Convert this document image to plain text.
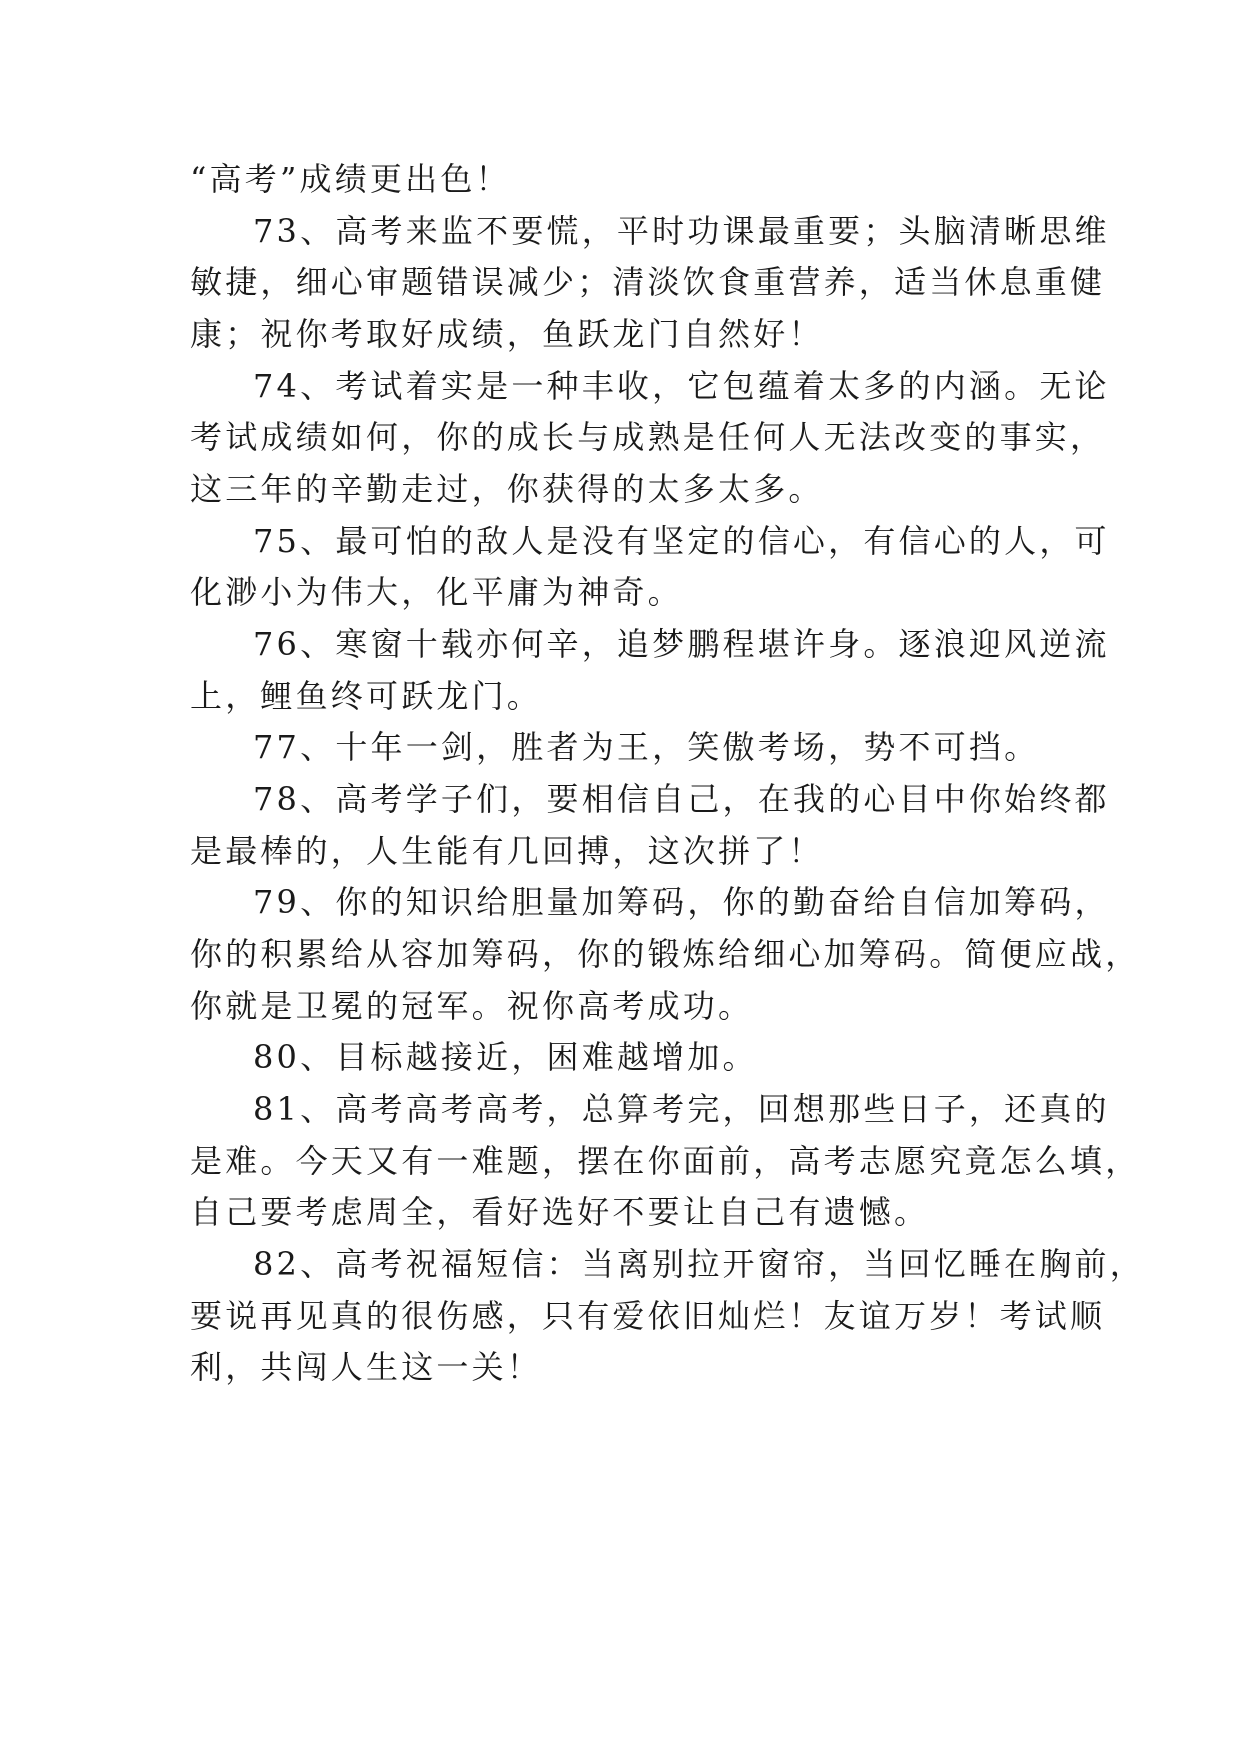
“高考”成绩更出色！
73、高考来监不要慌，平时功课最重要；头脑清晰思维
敏捷，细心审题错误减少；清淡饮食重营养，适当休息重健
康；祝你考取好成绩，鱼跃龙门自然好！
74、考试着实是一种丰收，它包蕴着太多的内涵。无论
考试成绩如何，你的成长与成熟是任何人无法改变的事实，
这三年的辛勤走过，你获得的太多太多。
75、最可怕的敌人是没有坚定的信心，有信心的人，可
化渺小为伟大，化平庸为神奇。
76、寒窗十载亦何辛，追梦鹏程堪许身。逐浪迎风逆流
上，鲤鱼终可跃龙门。
77、十年一剑，胜者为王，笑傲考场，势不可挡。
78、高考学子们，要相信自己，在我的心目中你始终都
是最棒的，人生能有几回搏，这次拼了！
79、你的知识给胆量加筹码，你的勤奋给自信加筹码，
你的积累给从容加筹码，你的锻炼给细心加筹码。简便应战，
你就是卫冕的冠军。祝你高考成功。
80、目标越接近，困难越增加。
81、高考高考高考，总算考完，回想那些日子，还真的
是难。今天又有一难题，摆在你面前，高考志愿究竟怎么填，
自己要考虑周全，看好选好不要让自己有遗憾。
82、高考祝福短信：当离别拉开窗帘，当回忆睡在胸前，
要说再见真的很伤感，只有爱依旧灿烂！友谊万岁！考试顺
利，共闯人生这一关！
